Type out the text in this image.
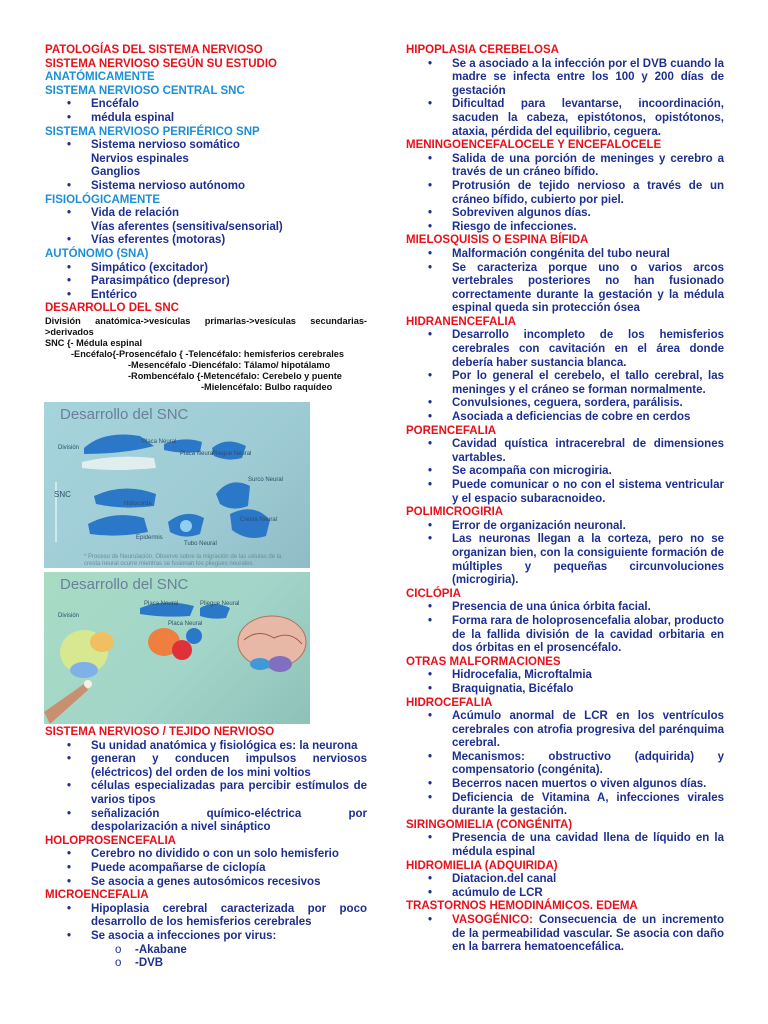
PATOLOGÍAS DEL SISTEMA NERVIOSO
SISTEMA NERVIOSO SEGÚN SU ESTUDIO
ANATÓMICAMENTE
SISTEMA NERVIOSO CENTRAL SNC
• Encéfalo
• médula espinal
SISTEMA NERVIOSO PERIFÉRICO SNP
• Sistema nervioso somático
Nervios espinales
Ganglios
• Sistema nervioso autónomo
FISIOLÓGICAMENTE
• Vida de relación
Vías aferentes (sensitiva/sensorial)
• Vías eferentes (motoras)
AUTÓNOMO (SNA)
• Simpático (excitador)
• Parasimpático (depresor)
• Entérico
DESARROLLO DEL SNC
División anatómica->vesículas primarias->vesículas secundarias->derivados
SNC {- Médula espinal
-Encéfalo{-Prosencéfalo { -Telencéfalo: hemisferios cerebrales
-Mesencéfalo -Diencéfalo: Tálamo/ hipotálamo
-Rombencéfalo {-Metencéfalo: Cerebelo y puente
-Mielencéfalo: Bulbo raquídeo
Desarrollo del SNC
División
Placa Neural
Placa Neural
Pliegue Neural
Notocorda
SNC
Surco Neural
Epidermis
Cresta Neural
Tubo Neural
* Proceso de Neurulación. Observe sobre la migración de las células de la cresta neural ocurre mientras se fusionan los pliegues neurales.
Desarrollo del SNC
División
Placa Neural
Placa Neural
Pliegue Neural
SISTEMA NERVIOSO / TEJIDO NERVIOSO
• Su unidad anatómica y fisiológica es: la neurona
• generan y conducen impulsos nerviosos (eléctricos) del orden de los mini voltios
• células especializadas para percibir estímulos de varios tipos
• señalización químico-eléctrica por despolarización a nivel sináptico
HOLOPROSENCEFALIA
• Cerebro no dividido o con un solo hemisferio
• Puede acompañarse de ciclopía
• Se asocia a genes autosómicos recesivos
MICROENCEFALIA
• Hipoplasia cerebral caracterizada por poco desarrollo de los hemisferios cerebrales
• Se asocia a infecciones por virus:
o -Akabane
o -DVB
HIPOPLASIA CEREBELOSA
• Se a asociado a la infección por el DVB cuando la madre se infecta entre los 100 y 200 días de gestación
• Dificultad para levantarse, incoordinación, sacuden la cabeza, epistótonos, opistótonos, ataxia, pérdida del equilibrio, ceguera.
MENINGOENCEFALOCELE Y ENCEFALOCELE
• Salida de una porción de meninges y cerebro a través de un cráneo bífido.
• Protrusión de tejido nervioso a través de un cráneo bífido, cubierto por piel.
• Sobreviven algunos días.
• Riesgo de infecciones.
MIELOSQUISIS O ESPINA BÍFIDA
• Malformación congénita del tubo neural
• Se caracteriza porque uno o varios arcos vertebrales posteriores no han fusionado correctamente durante la gestación y la médula espinal queda sin protección ósea
HIDRANENCEFALIA
• Desarrollo incompleto de los hemisferios cerebrales con cavitación en el área donde debería haber sustancia blanca.
• Por lo general el cerebelo, el tallo cerebral, las meninges y el cráneo se forman normalmente.
• Convulsiones, ceguera, sordera, parálisis.
• Asociada a deficiencias de cobre en cerdos
PORENCEFALIA
• Cavidad quística intracerebral de dimensiones vartables.
• Se acompaña con microgiria.
• Puede comunicar o no con el sistema ventricular y el espacio subaracnoideo.
POLIMICROGIRIA
• Error de organización neuronal.
• Las neuronas llegan a la corteza, pero no se organizan bien, con la consiguiente formación de múltiples y pequeñas circunvoluciones (microgiria).
CICLÓPIA
• Presencia de una única órbita facial.
• Forma rara de holoprosencefalia alobar, producto de la fallida división de la cavidad orbitaria en dos órbitas en el prosencéfalo.
OTRAS MALFORMACIONES
• Hidrocefalia, Microftalmia
• Braquignatia, Bicéfalo
HIDROCEFALIA
• Acúmulo anormal de LCR en los ventrículos cerebrales con atrofia progresiva del parénquima cerebral.
• Mecanismos: obstructivo (adquirida) y compensatorio (congénita).
• Becerros nacen muertos o viven algunos días.
• Deficiencia de Vitamina A, infecciones virales durante la gestación.
SIRINGOMIELIA (CONGÉNITA)
• Presencia de una cavidad llena de líquido en la médula espinal
HIDROMIELIA (ADQUIRIDA)
• Diatacion.del canal
• acúmulo de LCR
TRASTORNOS HEMODINÁMICOS. EDEMA
• VASOGÉNICO: Consecuencia de un incremento de la permeabilidad vascular. Se asocia con daño en la barrera hematoencefálica.
